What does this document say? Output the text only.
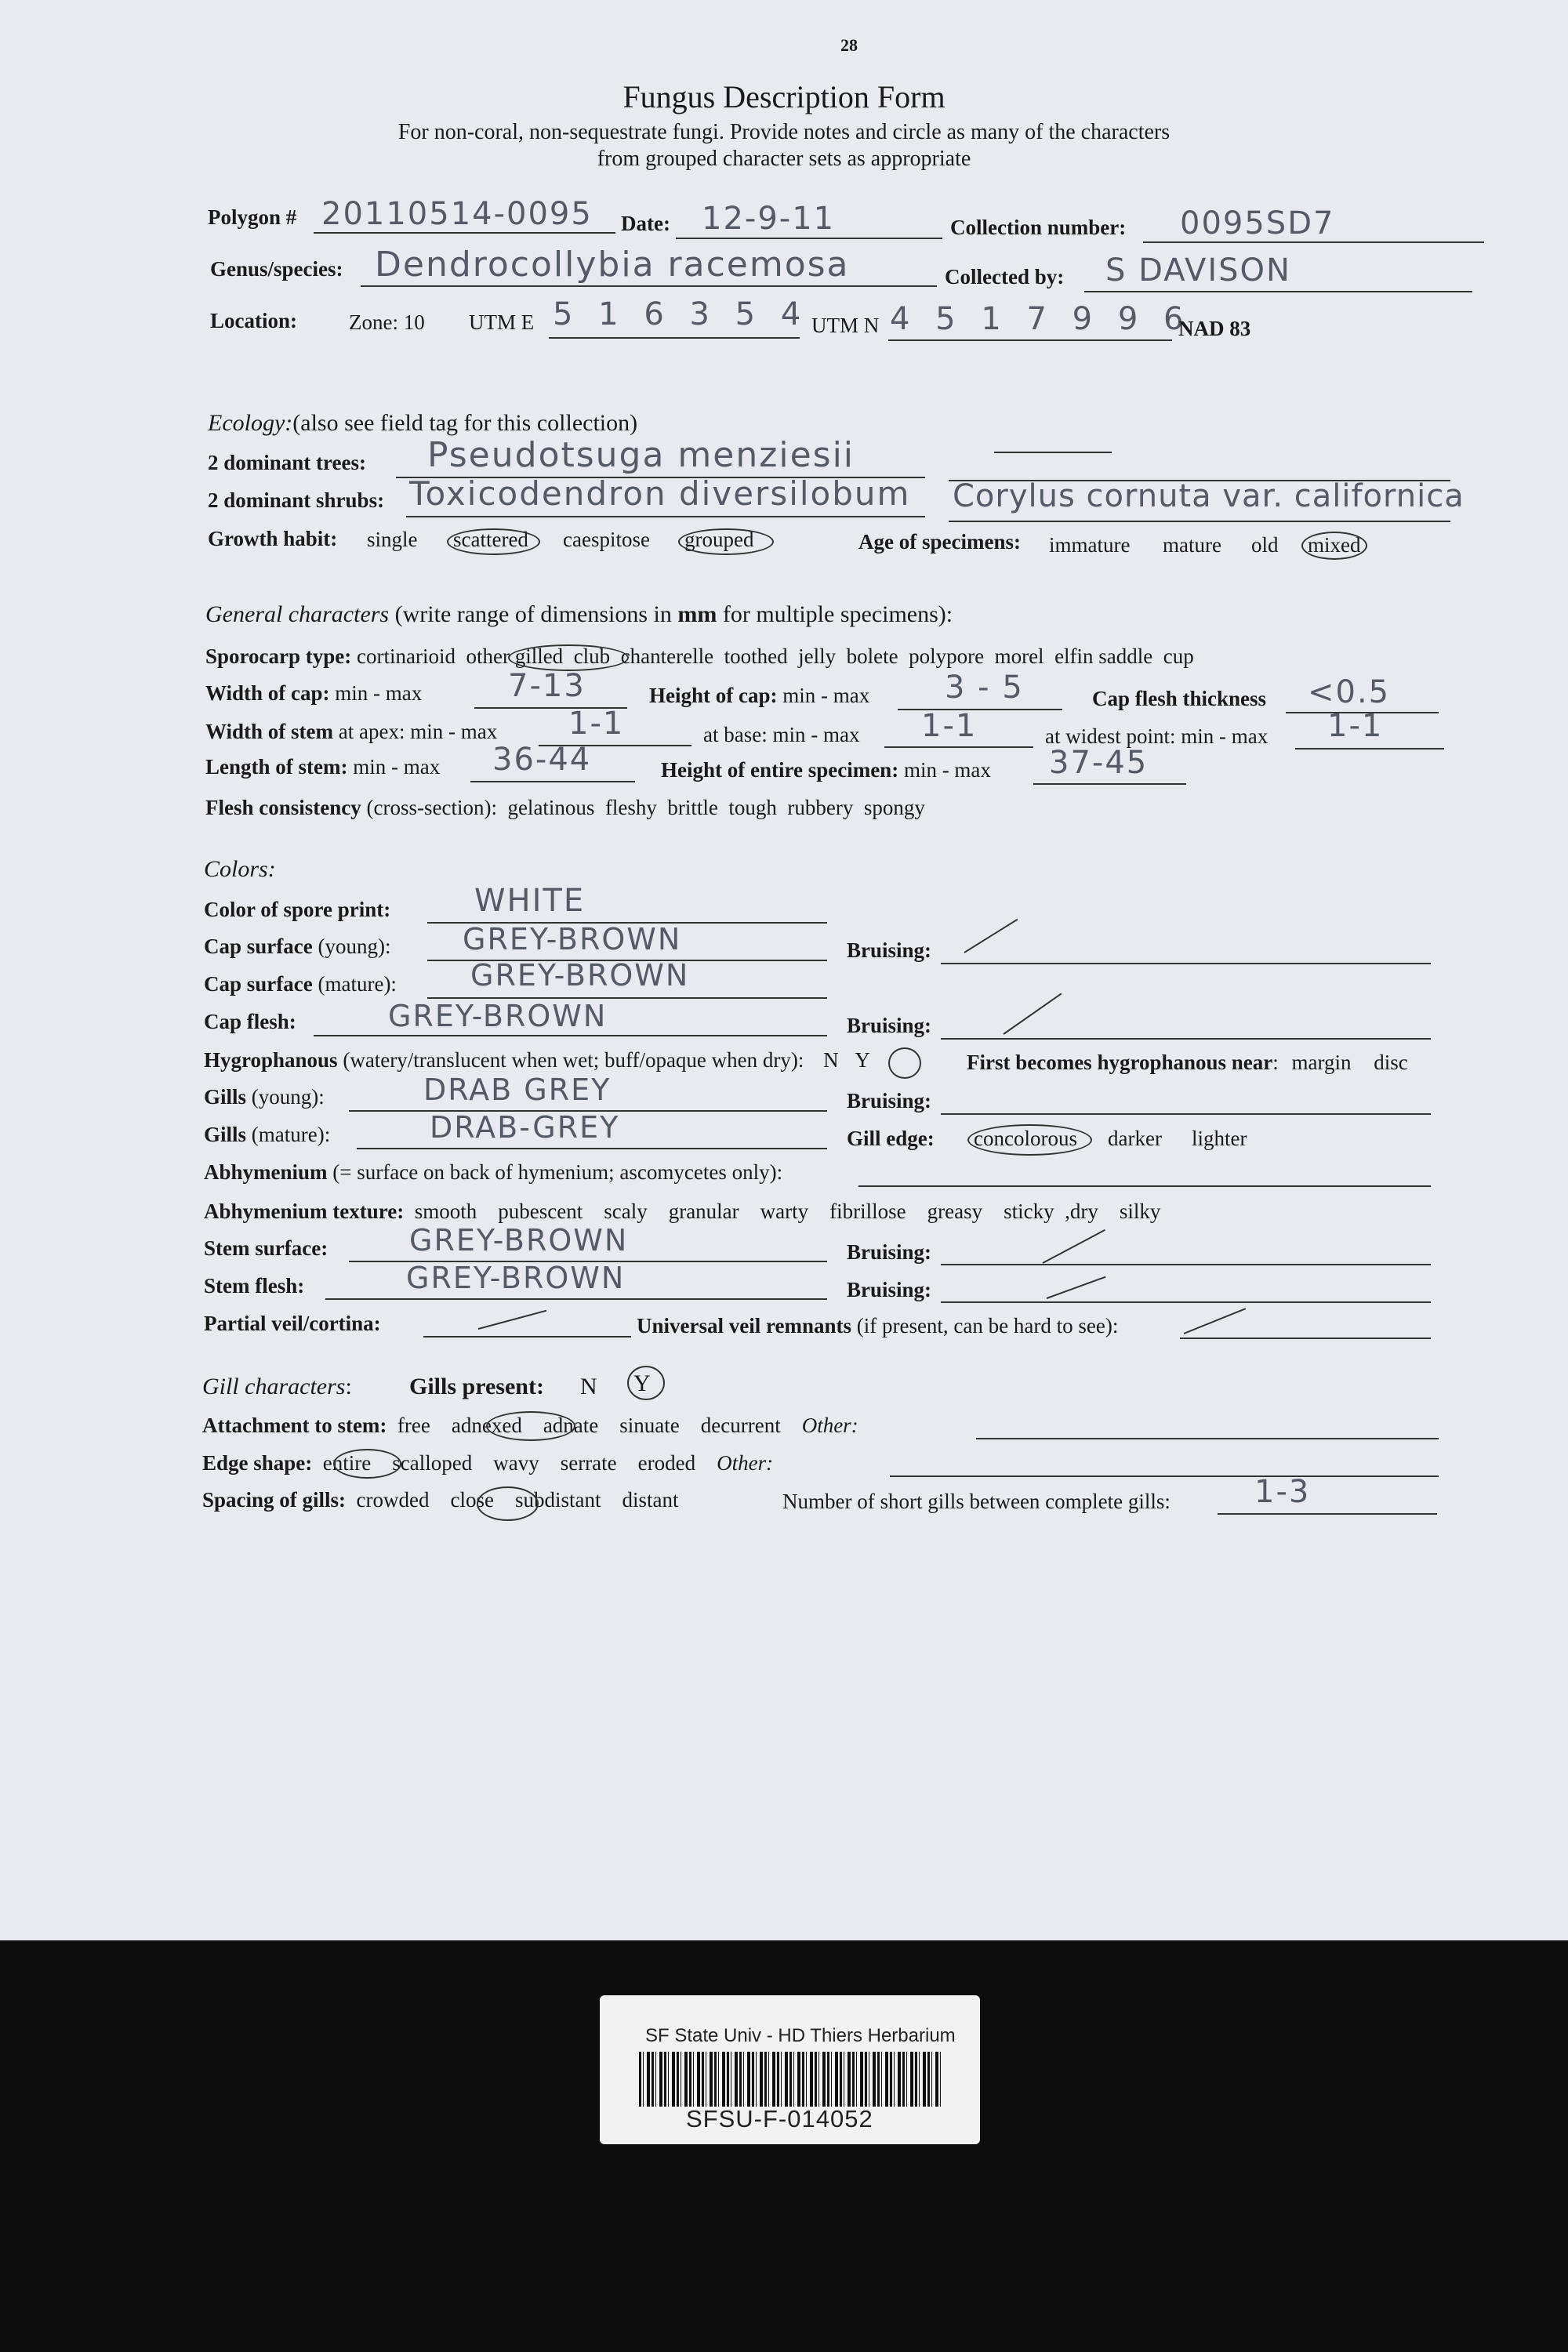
28
Fungus Description Form
For non-coral, non-sequestrate fungi. Provide notes and circle as many of the characters
from grouped character sets as appropriate
Polygon # 20110514-0095 Date: 12-9-11	Collection number: 0095SD7
Genus/species: Dendrocollybia racemosa	Collected by: S DAVISON
Location: Zone: 10 UTM E 5 1 6 3 5 4 UTM N 4 5 1 7 9 9 6
NAD 83
Ecology:(also see field tag for this collection)
2 dominant trees: Pseudotsuga menziesii
2 dominant shrubs: Toxicodendron diversilobum Corylus cornuta var. californica
Growth habit: single scattered caespitose grouped	Age of specimens: immature mature old mixed
General characters (write range of dimensions in mm for multiple specimens):
Sporocarp type: cortinarioid other gilled club chanterelle toothed jelly bolete polypore morel elfin saddle cup
Width of cap: min - max	7-13	Height of cap: min - max 3 - 5	Cap flesh thickness <0.5
Width of stem at apex: min - max 1-1	at base: min - max 1-1	at widest point: min - max 1-1
Length of stem: min - max 36-44	Height of entire specimen: min - max 37-45
Flesh consistency (cross-section): gelatinous fleshy brittle tough rubbery spongy
Colors:
Color of spore print:	WHITE
Cap surface (young): GREY-BROWN	Bruising:
Cap surface (mature): GREY-BROWN
Cap flesh:	GREY-BROWN	Bruising:
Hygrophanous (watery/translucent when wet; buff/opaque when dry): N Y	First becomes hygrophanous near: margin disc
Gills (young):	DRAB GREY	Bruising:
Gills (mature):	DRAB-GREY	Gill edge: concolorous darker lighter
Abhymenium (= surface on back of hymenium; ascomycetes only):
Abhymenium texture: smooth pubescent scaly granular warty fibrillose greasy sticky ,dry silky
Stem surface:	GREY-BROWN	Bruising:
Stem flesh:	GREY-BROWN	Bruising:
Partial veil/cortina:	Universal veil remnants (if present, can be hard to see):
Gill characters: Gills present: N Y
Attachment to stem: free adnexed adnate sinuate decurrent Other:
Edge shape: entire scalloped wavy serrate eroded Other:
Spacing of gills: crowded close subdistant distant	Number of short gills between complete gills:	1-3
SF State Univ - HD Thiers Herbarium
SFSU-F-014052
